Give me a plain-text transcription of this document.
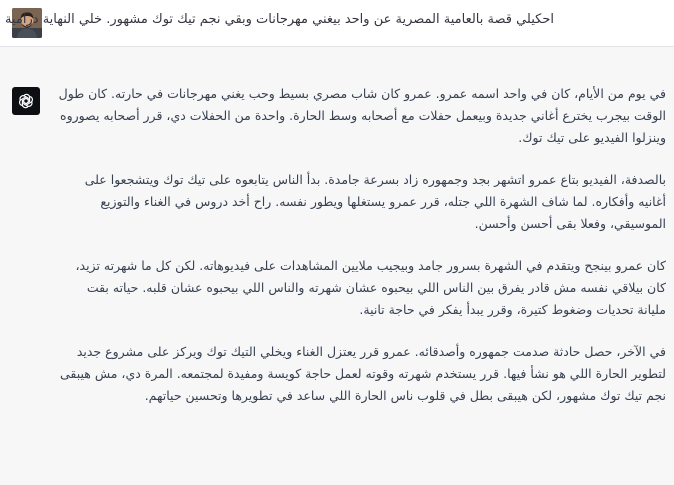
احكيلي قصة بالعامية المصرية عن واحد بيغني مهرجانات وبقي نجم تيك توك مشهور. خلي النهاية درامية

في يوم من الأيام، كان في واحد اسمه عمرو. عمرو كان شاب مصري بسيط وحب يغني مهرجانات في حارته. كان طول الوقت بيجرب يخترع أغاني جديدة وبيعمل حفلات مع أصحابه وسط الحارة. واحدة من الحفلات دي، قرر أصحابه يصوروه وينزلوا الفيديو على تيك توك.

بالصدفة، الفيديو بتاع عمرو اتشهر بجد وجمهوره زاد بسرعة جامدة. بدأ الناس يتابعوه على تيك توك ويتشجعوا على أغانيه وأفكاره. لما شاف الشهرة اللي جتله، قرر عمرو يستغلها ويطور نفسه. راح أخد دروس في الغناء والتوزيع الموسيقي، وفعلا بقى أحسن وأحسن.

كان عمرو بينجح ويتقدم في الشهرة بسرور جامد وبيجيب ملايين المشاهدات على فيديوهاته. لكن كل ما شهرته تزيد، كان بيلاقي نفسه مش قادر يفرق بين الناس اللي بيحبوه عشان شهرته والناس اللي بيحبوه عشان قلبه. حياته بقت مليانة تحديات وضغوط كتيرة، وقرر يبدأ يفكر في حاجة تانية.

في الآخر، حصل حادثة صدمت جمهوره وأصدقائه. عمرو قرر يعتزل الغناء ويخلي التيك توك ويركز على مشروع جديد لتطوير الحارة اللي هو نشأ فيها. قرر يستخدم شهرته وقوته لعمل حاجة كويسة ومفيدة لمجتمعه. المرة دي، مش هيبقى نجم تيك توك مشهور، لكن هيبقى بطل في قلوب ناس الحارة اللي ساعد في تطويرها وتحسين حياتهم.
